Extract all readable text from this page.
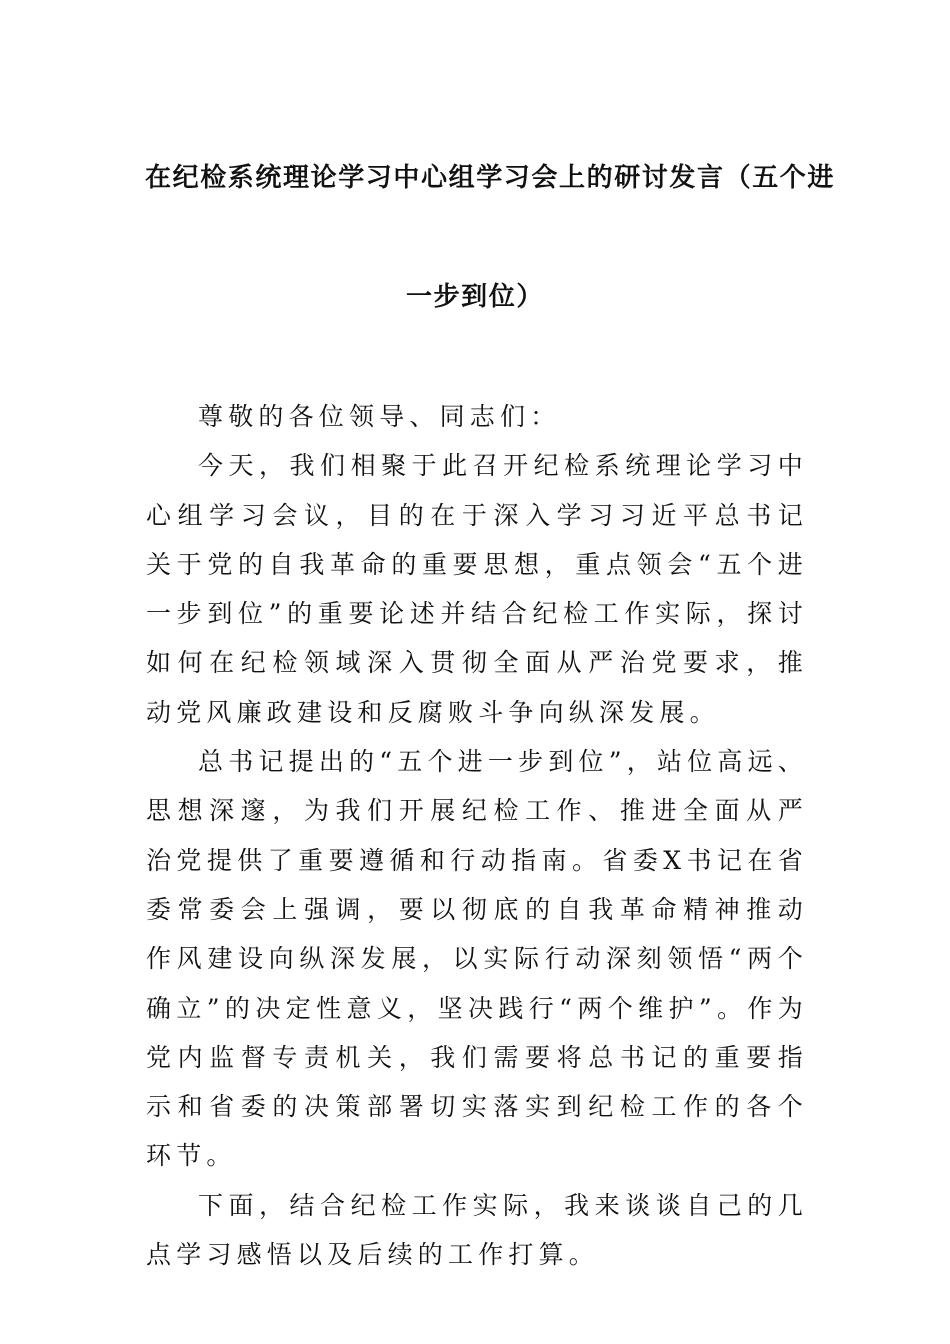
在纪检系统理论学习中心组学习会上的研讨发言（五个进
一步到位）

尊敬的各位领导、同志们：

今天，我们相聚于此召开纪检系统理论学习中心组学习会议，目的在于深入学习习近平总书记关于党的自我革命的重要思想，重点领会“五个进一步到位”的重要论述并结合纪检工作实际，探讨如何在纪检领域深入贯彻全面从严治党要求，推动党风廉政建设和反腐败斗争向纵深发展。

总书记提出的“五个进一步到位”，站位高远、思想深邃，为我们开展纪检工作、推进全面从严治党提供了重要遵循和行动指南。省委X书记在省委常委会上强调，要以彻底的自我革命精神推动作风建设向纵深发展，以实际行动深刻领悟“两个确立”的决定性意义，坚决践行“两个维护”。作为党内监督专责机关，我们需要将总书记的重要指示和省委的决策部署切实落实到纪检工作的各个环节。

下面，结合纪检工作实际，我来谈谈自己的几点学习感悟以及后续的工作打算。
